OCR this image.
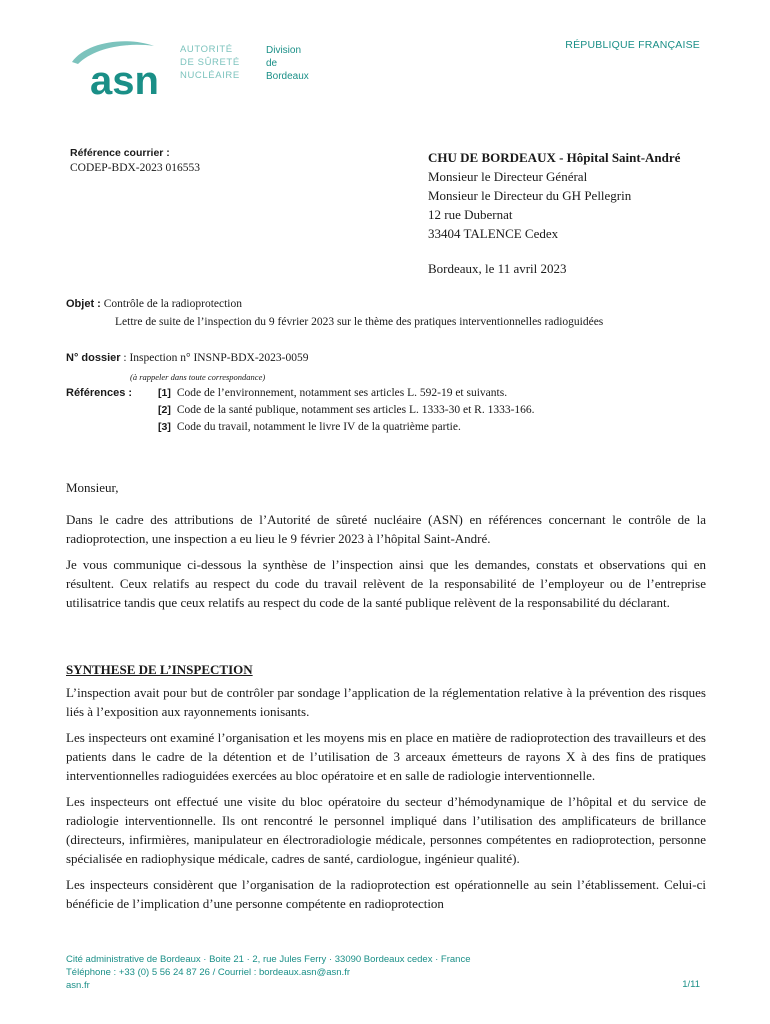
asn
AUTORITÉ
DE SÛRETÉ
NUCLÉAIRE
Division
de Bordeaux
RÉPUBLIQUE FRANÇAISE
Référence courrier :
CODEP-BDX-2023 016553
CHU DE BORDEAUX - Hôpital Saint-André
Monsieur le Directeur Général
Monsieur le Directeur du GH Pellegrin
12 rue Dubernat
33404 TALENCE Cedex
Bordeaux, le 11 avril 2023
Objet : Contrôle de la radioprotection
Lettre de suite de l’inspection du 9 février 2023 sur le thème des pratiques interventionnelles radioguidées
N° dossier : Inspection n° INSNP-BDX-2023-0059
(à rappeler dans toute correspondance)
Références : [1] Code de l’environnement, notamment ses articles L. 592-19 et suivants.
[2] Code de la santé publique, notamment ses articles L. 1333-30 et R. 1333-166.
[3] Code du travail, notamment le livre IV de la quatrième partie.
Monsieur,

Dans le cadre des attributions de l’Autorité de sûreté nucléaire (ASN) en références concernant le contrôle de la radioprotection, une inspection a eu lieu le 9 février 2023 à l’hôpital Saint-André.

Je vous communique ci-dessous la synthèse de l’inspection ainsi que les demandes, constats et observations qui en résultent. Ceux relatifs au respect du code du travail relèvent de la responsabilité de l’employeur ou de l’entreprise utilisatrice tandis que ceux relatifs au respect du code de la santé publique relèvent de la responsabilité du déclarant.

SYNTHESE DE L’INSPECTION

L’inspection avait pour but de contrôler par sondage l’application de la réglementation relative à la prévention des risques liés à l’exposition aux rayonnements ionisants.

Les inspecteurs ont examiné l’organisation et les moyens mis en place en matière de radioprotection des travailleurs et des patients dans le cadre de la détention et de l’utilisation de 3 arceaux émetteurs de rayons X à des fins de pratiques interventionnelles radioguidées exercées au bloc opératoire et en salle de radiologie interventionnelle.

Les inspecteurs ont effectué une visite du bloc opératoire du secteur d’hémodynamique de l’hôpital et du service de radiologie interventionnelle. Ils ont rencontré le personnel impliqué dans l’utilisation des amplificateurs de brillance (directeurs, infirmières, manipulateur en électroradiologie médicale, personnes compétentes en radioprotection, personne spécialisée en radiophysique médicale, cadres de santé, cardiologue, ingénieur qualité).

Les inspecteurs considèrent que l’organisation de la radioprotection est opérationnelle au sein l’établissement. Celui-ci bénéficie de l’implication d’une personne compétente en radioprotection

Cité administrative de Bordeaux · Boite 21 · 2, rue Jules Ferry · 33090 Bordeaux cedex · France
Téléphone : +33 (0) 5 56 24 87 26 / Courriel : bordeaux.asn@asn.fr
asn.fr	1/11
